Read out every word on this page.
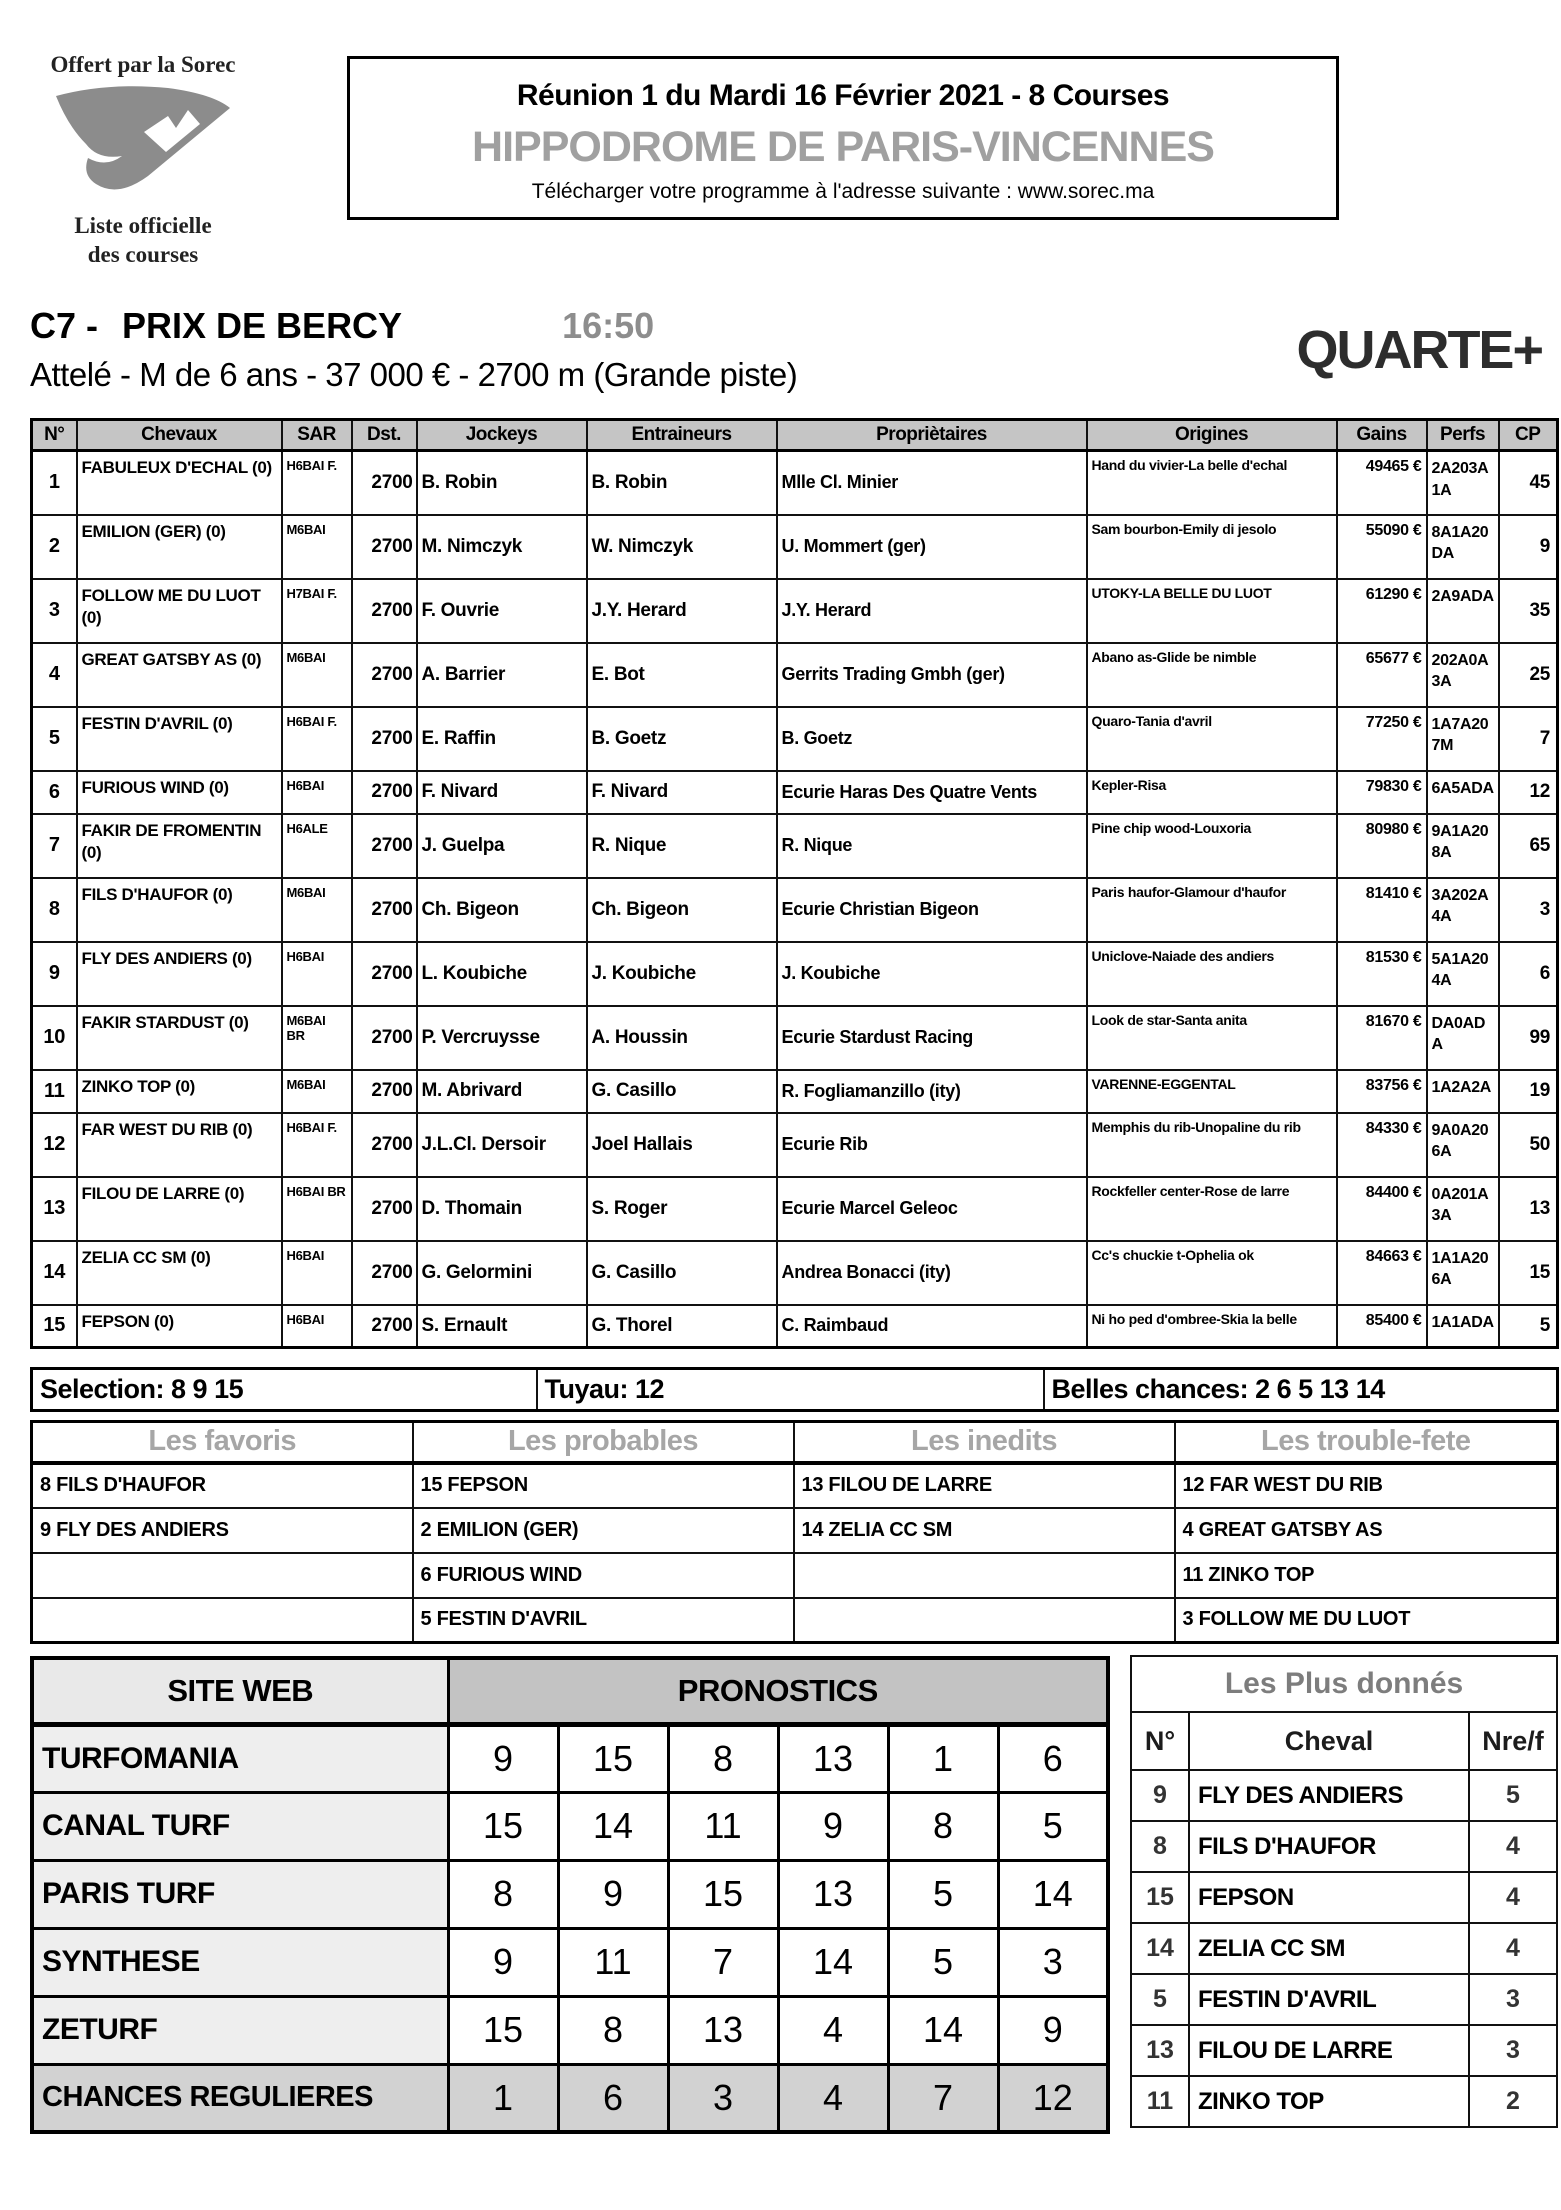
Offert par la Sorec
Liste officielle
des courses
Réunion 1 du Mardi 16 Février 2021 - 8 Courses
HIPPODROME DE PARIS-VINCENNES
Télécharger votre programme à l'adresse suivante : www.sorec.ma
C7 - PRIX DE BERCY	16:50
Attelé - M de 6 ans - 37 000 € - 2700 m (Grande piste)	QUARTE+
N°	Chevaux	SAR	Dst.	Jockeys	Entraineurs	Propriètaires	Origines	Gains	Perfs	CP
1	FABULEUX D'ECHAL (0)	H6BAI F.	2700	B. Robin	B. Robin	Mlle Cl. Minier	Hand du vivier-La belle d'echal	49465 €	2A203A 1A	45
2	EMILION (GER) (0)	M6BAI	2700	M. Nimczyk	W. Nimczyk	U. Mommert (ger)	Sam bourbon-Emily di jesolo	55090 €	8A1A20 DA	9
3	FOLLOW ME DU LUOT (0)	H7BAI F.	2700	F. Ouvrie	J.Y. Herard	J.Y. Herard	UTOKY-LA BELLE DU LUOT	61290 €	2A9ADA	35
4	GREAT GATSBY AS (0)	M6BAI	2700	A. Barrier	E. Bot	Gerrits Trading Gmbh (ger)	Abano as-Glide be nimble	65677 €	202A0A 3A	25
5	FESTIN D'AVRIL (0)	H6BAI F.	2700	E. Raffin	B. Goetz	B. Goetz	Quaro-Tania d'avril	77250 €	1A7A20 7M	7
6	FURIOUS WIND (0)	H6BAI	2700	F. Nivard	F. Nivard	Ecurie Haras Des Quatre Vents	Kepler-Risa	79830 €	6A5ADA	12
7	FAKIR DE FROMENTIN (0)	H6ALE	2700	J. Guelpa	R. Nique	R. Nique	Pine chip wood-Louxoria	80980 €	9A1A20 8A	65
8	FILS D'HAUFOR (0)	M6BAI	2700	Ch. Bigeon	Ch. Bigeon	Ecurie Christian Bigeon	Paris haufor-Glamour d'haufor	81410 €	3A202A 4A	3
9	FLY DES ANDIERS (0)	H6BAI	2700	L. Koubiche	J. Koubiche	J. Koubiche	Uniclove-Naiade des andiers	81530 €	5A1A20 4A	6
10	FAKIR STARDUST (0)	M6BAI BR	2700	P. Vercruysse	A. Houssin	Ecurie Stardust Racing	Look de star-Santa anita	81670 €	DA0AD A	99
11	ZINKO TOP (0)	M6BAI	2700	M. Abrivard	G. Casillo	R. Fogliamanzillo (ity)	VARENNE-EGGENTAL	83756 €	1A2A2A	19
12	FAR WEST DU RIB (0)	H6BAI F.	2700	J.L.Cl. Dersoir	Joel Hallais	Ecurie Rib	Memphis du rib-Unopaline du rib	84330 €	9A0A20 6A	50
13	FILOU DE LARRE (0)	H6BAI BR	2700	D. Thomain	S. Roger	Ecurie Marcel Geleoc	Rockfeller center-Rose de larre	84400 €	0A201A 3A	13
14	ZELIA CC SM (0)	H6BAI	2700	G. Gelormini	G. Casillo	Andrea Bonacci (ity)	Cc's chuckie t-Ophelia ok	84663 €	1A1A20 6A	15
15	FEPSON (0)	H6BAI	2700	S. Ernault	G. Thorel	C. Raimbaud	Ni ho ped d'ombree-Skia la belle	85400 €	1A1ADA	5
Selection: 8 9 15	Tuyau: 12	Belles chances: 2 6 5 13 14
Les favoris	Les probables	Les inedits	Les trouble-fete
8 FILS D'HAUFOR	15 FEPSON	13 FILOU DE LARRE	12 FAR WEST DU RIB
9 FLY DES ANDIERS	2 EMILION (GER)	14 ZELIA CC SM	4 GREAT GATSBY AS
	6 FURIOUS WIND		11 ZINKO TOP
	5 FESTIN D'AVRIL		3 FOLLOW ME DU LUOT
SITE WEB	PRONOSTICS					
TURFOMANIA	9	15	8	13	1	6
CANAL TURF	15	14	11	9	8	5
PARIS TURF	8	9	15	13	5	14
SYNTHESE	9	11	7	14	5	3
ZETURF	15	8	13	4	14	9
CHANCES REGULIERES	1	6	3	4	7	12
Les Plus donnés		
N°	Cheval	Nre/f
9	FLY DES ANDIERS	5
8	FILS D'HAUFOR	4
15	FEPSON	4
14	ZELIA CC SM	4
5	FESTIN D'AVRIL	3
13	FILOU DE LARRE	3
11	ZINKO TOP	2
